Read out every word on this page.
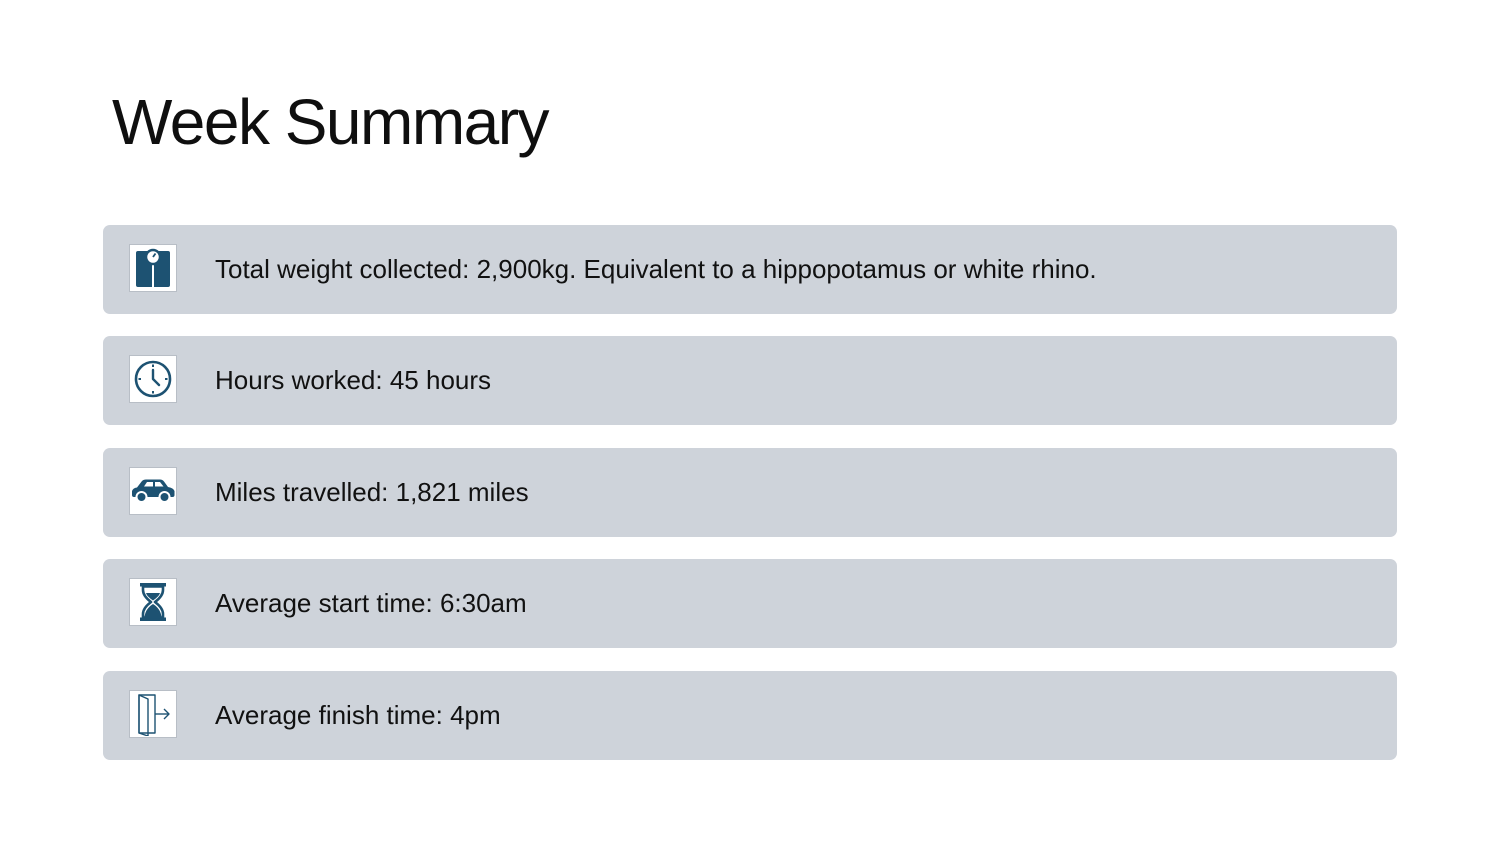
Week Summary
Total weight collected: 2,900kg. Equivalent to a hippopotamus or white rhino.
Hours worked: 45 hours
Miles travelled: 1,821 miles
Average start time: 6:30am
Average finish time: 4pm
